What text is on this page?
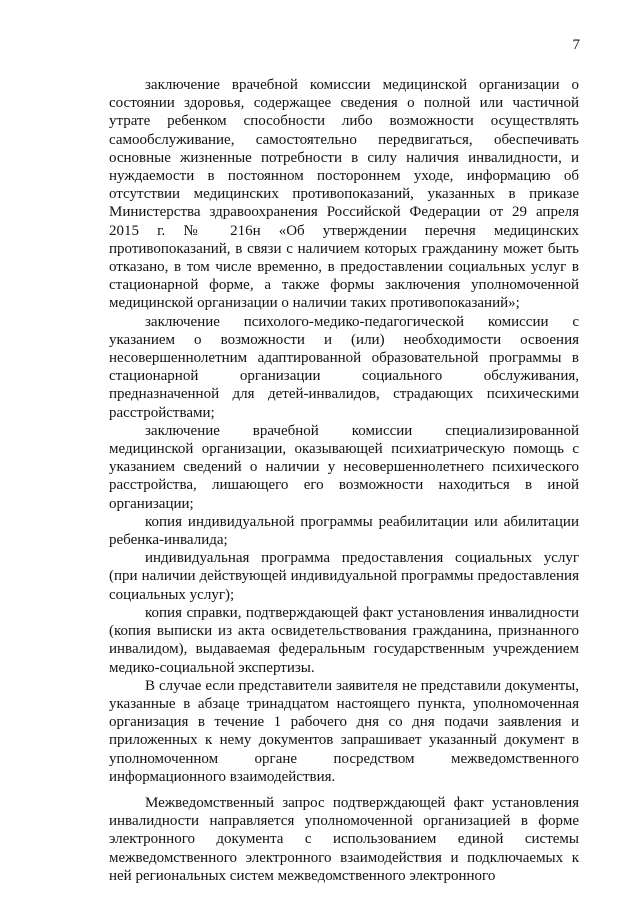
7

заключение врачебной комиссии медицинской организации о состоянии здоровья, содержащее сведения о полной или частичной утрате ребенком способности либо возможности осуществлять самообслуживание, самостоятельно передвигаться, обеспечивать основные жизненные потребности в силу наличия инвалидности, и нуждаемости в постоянном постороннем уходе, информацию об отсутствии медицинских противопоказаний, указанных в приказе Министерства здравоохранения Российской Федерации от 29 апреля 2015 г. № 216н «Об утверждении перечня медицинских противопоказаний, в связи с наличием которых гражданину может быть отказано, в том числе временно, в предоставлении социальных услуг в стационарной форме, а также формы заключения уполномоченной медицинской организации о наличии таких противопоказаний»;

заключение психолого-медико-педагогической комиссии с указанием о возможности и (или) необходимости освоения несовершеннолетним адаптированной образовательной программы в стационарной организации социального обслуживания, предназначенной для детей-инвалидов, страдающих психическими расстройствами;

заключение врачебной комиссии специализированной медицинской организации, оказывающей психиатрическую помощь с указанием сведений о наличии у несовершеннолетнего психического расстройства, лишающего его возможности находиться в иной организации;

копия индивидуальной программы реабилитации или абилитации ребенка-инвалида;

индивидуальная программа предоставления социальных услуг (при наличии действующей индивидуальной программы предоставления социальных услуг);

копия справки, подтверждающей факт установления инвалидности (копия выписки из акта освидетельствования гражданина, признанного инвалидом), выдаваемая федеральным государственным учреждением медико-социальной экспертизы.

В случае если представители заявителя не представили документы, указанные в абзаце тринадцатом настоящего пункта, уполномоченная организация в течение 1 рабочего дня со дня подачи заявления и приложенных к нему документов запрашивает указанный документ в уполномоченном органе посредством межведомственного информационного взаимодействия.

Межведомственный запрос подтверждающей факт установления инвалидности направляется уполномоченной организацией в форме электронного документа с использованием единой системы межведомственного электронного взаимодействия и подключаемых к ней региональных систем межведомственного электронного
